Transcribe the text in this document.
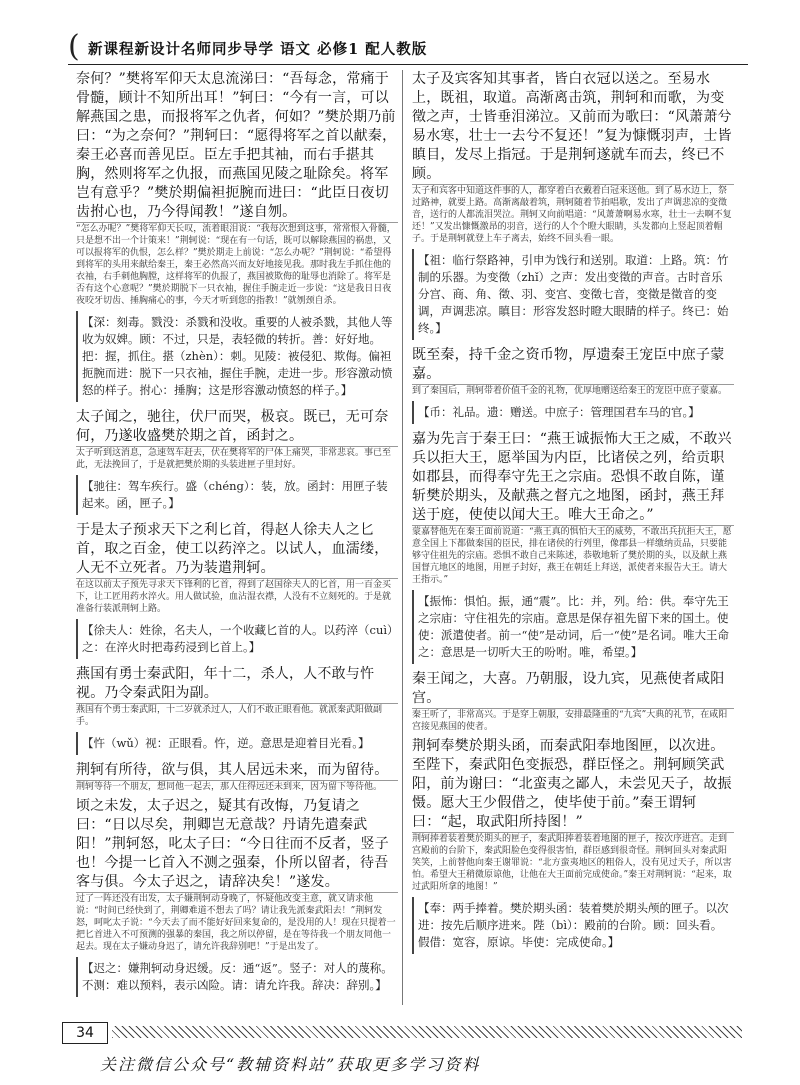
( 新课程新设计名师同步导学 语文 必修1 配人教版

奈何？”樊将军仰天太息流涕曰：“吾每念，常痛于骨髓，顾计不知所出耳！”轲曰：“今有一言，可以解燕国之患，而报将军之仇者，何如？”樊於期乃前曰：“为之奈何？”荆轲曰：“愿得将军之首以献秦，秦王必喜而善见臣。臣左手把其袖，而右手揕其胸，然则将军之仇报，而燕国见陵之耻除矣。将军岂有意乎？”樊於期偏袒扼腕而进曰：“此臣日夜切齿拊心也，乃今得闻教！”遂自刎。

“怎么办呢？”樊将军仰天长叹，流着眼泪说：“我每次想到这事，常常恨入骨髓，只是想不出一个计策来！”荆轲说：“现在有一句话，既可以解除燕国的祸患，又可以报将军的仇恨，怎么样？”樊於期走上前说：“怎么办呢？”荆轲说：“希望得到将军的头用来献给秦王，秦王必然高兴而友好地接见我。那时我左手抓住他的衣袖，右手刺他胸膛，这样将军的仇报了，燕国被欺侮的耻辱也消除了。将军是否有这个心意呢？”樊於期脱下一只衣袖，握住手腕走近一步说：“这是我日日夜夜咬牙切齿、捶胸痛心的事，今天才听到您的指教！”就刎颈自杀。

【深：刻毒。戮没：杀戮和没收。重要的人被杀戮，其他人等收为奴婢。顾：不过，只是，表轻微的转折。善：好好地。把：握，抓住。揕（zhèn）：刺。见陵：被侵犯、欺侮。偏袒扼腕而进：脱下一只衣袖，握住手腕，走进一步。形容激动愤怒的样子。拊心：捶胸；这是形容激动愤怒的样子。】

太子闻之，驰往，伏尸而哭，极哀。既已，无可奈何，乃遂收盛樊於期之首，函封之。

太子听到这消息，急速驾车赶去，伏在樊将军的尸体上痛哭，非常悲哀。事已至此，无法挽回了，于是就把樊於期的头装进匣子里封好。

【驰往：驾车疾行。盛（chéng）：装，放。函封：用匣子装起来。函，匣子。】

于是太子预求天下之利匕首，得赵人徐夫人之匕首，取之百金，使工以药淬之。以试人，血濡缕，人无不立死者。乃为装遣荆轲。

在这以前太子预先寻求天下锋利的匕首，得到了赵国徐夫人的匕首，用一百金买下，让工匠用药水淬火。用人做试验，血沾湿衣襟，人没有不立刻死的。于是就准备行装派荆轲上路。

【徐夫人：姓徐，名夫人，一个收藏匕首的人。以药淬（cuì）之：在淬火时把毒药浸到匕首上。】

燕国有勇士秦武阳，年十二，杀人，人不敢与忤视。乃令秦武阳为副。

燕国有个勇士秦武阳，十二岁就杀过人，人们不敢正眼看他。就派秦武阳做副手。

【忤（wǔ）视：正眼看。忤，逆。意思是迎着目光看。】

荆轲有所待，欲与俱，其人居远未来，而为留待。

荆轲等待一个朋友，想同他一起去，那人住得远还未到来，因为留下等待他。

顷之未发，太子迟之，疑其有改悔，乃复请之曰：“日以尽矣，荆卿岂无意哉？丹请先遣秦武阳！”荆轲怒，叱太子曰：“今日往而不反者，竖子也！今提一匕首入不测之强秦，仆所以留者，待吾客与俱。今太子迟之，请辞决矣！”遂发。

过了一阵还没有出发，太子嫌荆轲动身晚了，怀疑他改变主意，就又请求他说：“时间已经快到了，荆卿难道不想去了吗？请让我先派秦武阳去！”荆轲发怒，呵叱太子说：“今天去了而不能好好回来复命的，是没用的人！现在只提着一把匕首进入不可预测的强暴的秦国，我之所以停留，是在等待我一个朋友同他一起去。现在太子嫌动身迟了，请允许我辞别吧！”于是出发了。

【迟之：嫌荆轲动身迟缓。反：通“返”。竖子：对人的蔑称。不测：难以预料，表示凶险。请：请允许我。辞决：辞别。】

太子及宾客知其事者，皆白衣冠以送之。至易水上，既祖，取道。高渐离击筑，荆轲和而歌，为变徵之声，士皆垂泪涕泣。又前而为歌曰：“风萧萧兮易水寒，壮士一去兮不复还！”复为慷慨羽声，士皆瞋目，发尽上指冠。于是荆轲遂就车而去，终已不顾。

太子和宾客中知道这件事的人，都穿着白衣戴着白冠来送他。到了易水边上，祭过路神，就要上路。高渐离敲着筑，荆轲随着节拍唱歌，发出了声调悲凉的变徵音，送行的人都流泪哭泣。荆轲又向前唱道：“风萧萧啊易水寒，壮士一去啊不复还！”又发出慷慨激昂的羽音，送行的人个个瞪大眼睛，头发都向上竖起顶着帽子。于是荆轲就登上车子离去，始终不回头看一眼。

【祖：临行祭路神，引申为饯行和送别。取道：上路。筑：竹制的乐器。为变徵（zhǐ）之声：发出变徵的声音。古时音乐分宫、商、角、徵、羽、变宫、变徵七音，变徵是徵音的变调，声调悲凉。瞋目：形容发怒时瞪大眼睛的样子。终已：始终。】

既至秦，持千金之资币物，厚遗秦王宠臣中庶子蒙嘉。

到了秦国后，荆轲带着价值千金的礼物，优厚地赠送给秦王的宠臣中庶子蒙嘉。

【币：礼品。遗：赠送。中庶子：管理国君车马的官。】

嘉为先言于秦王曰：“燕王诚振怖大王之威，不敢兴兵以拒大王，愿举国为内臣，比诸侯之列，给贡职如郡县，而得奉守先王之宗庙。恐惧不敢自陈，谨斩樊於期头，及献燕之督亢之地图，函封，燕王拜送于庭，使使以闻大王。唯大王命之。”

蒙嘉替他先在秦王面前说道：“燕王真的惧怕大王的威势，不敢出兵抗拒大王，愿意全国上下都做秦国的臣民，排在诸侯的行列里，像郡县一样缴纳贡品，只要能够守住祖先的宗庙。恐惧不敢自己来陈述，恭敬地斩了樊於期的头，以及献上燕国督亢地区的地图，用匣子封好，燕王在朝廷上拜送，派使者来报告大王。请大王指示。”

【振怖：惧怕。振，通“震”。比：并，列。给：供。奉守先王之宗庙：守住祖先的宗庙。意思是保存祖先留下来的国土。使使：派遣使者。前一“使”是动词，后一“使”是名词。唯大王命之：意思是一切听大王的吩咐。唯，希望。】

秦王闻之，大喜。乃朝服，设九宾，见燕使者咸阳宫。

秦王听了，非常高兴。于是穿上朝服，安排最隆重的“九宾”大典的礼节，在咸阳宫接见燕国的使者。

荆轲奉樊於期头函，而秦武阳奉地图匣，以次进。至陛下，秦武阳色变振恐，群臣怪之。荆轲顾笑武阳，前为谢曰：“北蛮夷之鄙人，未尝见天子，故振慑。愿大王少假借之，使毕使于前。”秦王谓轲曰：“起，取武阳所持图！”

荆轲捧着装着樊於期头的匣子，秦武阳捧着装着地图的匣子，按次序进宫。走到宫殿前的台阶下，秦武阳脸色变得很害怕，群臣感到很奇怪。荆轲回头对秦武阳笑笑，上前替他向秦王谢罪说：“北方蛮夷地区的粗俗人，没有见过天子，所以害怕。希望大王稍微原谅他，让他在大王面前完成使命。”秦王对荆轲说：“起来，取过武阳所拿的地图！”

【奉：两手捧着。樊於期头函：装着樊於期头颅的匣子。以次进：按先后顺序进来。陛（bì）：殿前的台阶。顾：回头看。假借：宽容，原谅。毕使：完成使命。】
34
关注微信公众号“教辅资料站”获取更多学习资料
